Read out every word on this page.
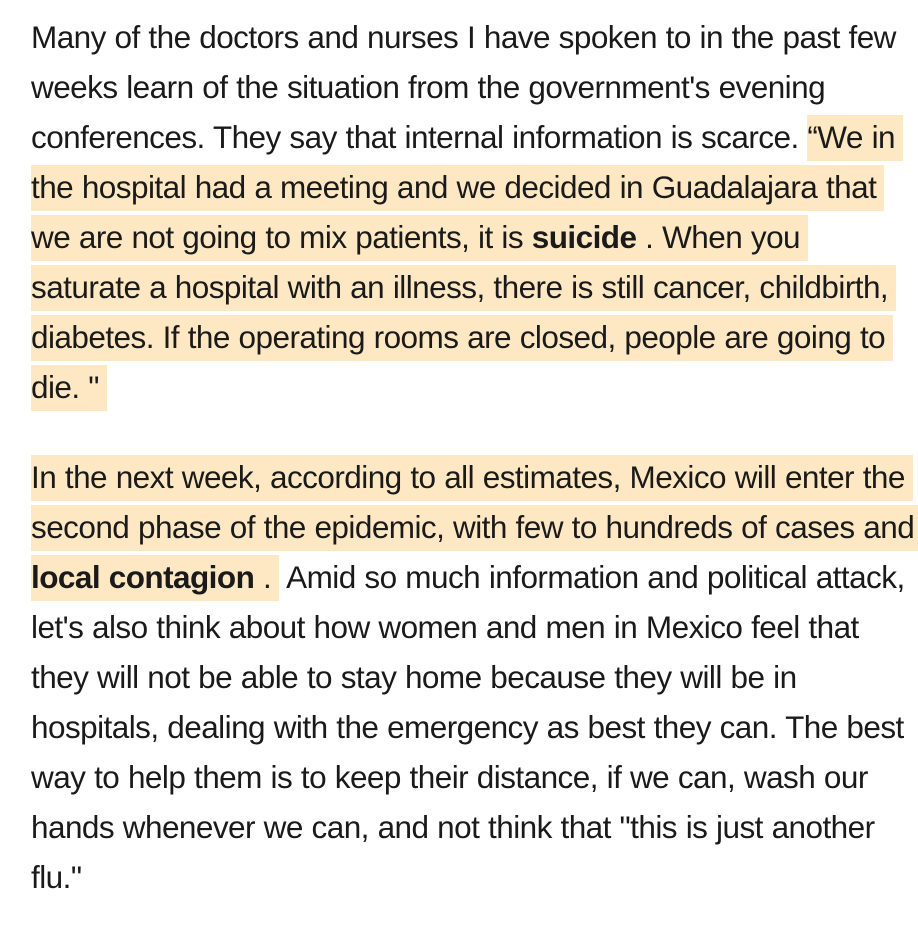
Many of the doctors and nurses I have spoken to in the past few weeks learn of the situation from the government's evening conferences. They say that internal information is scarce. “We in the hospital had a meeting and we decided in Guadalajara that we are not going to mix patients, it is suicide . When you saturate a hospital with an illness, there is still cancer, childbirth, diabetes. If the operating rooms are closed, people are going to die. "

In the next week, according to all estimates, Mexico will enter the second phase of the epidemic, with few to hundreds of cases and local contagion . Amid so much information and political attack, let's also think about how women and men in Mexico feel that they will not be able to stay home because they will be in hospitals, dealing with the emergency as best they can. The best way to help them is to keep their distance, if we can, wash our hands whenever we can, and not think that "this is just another flu."
